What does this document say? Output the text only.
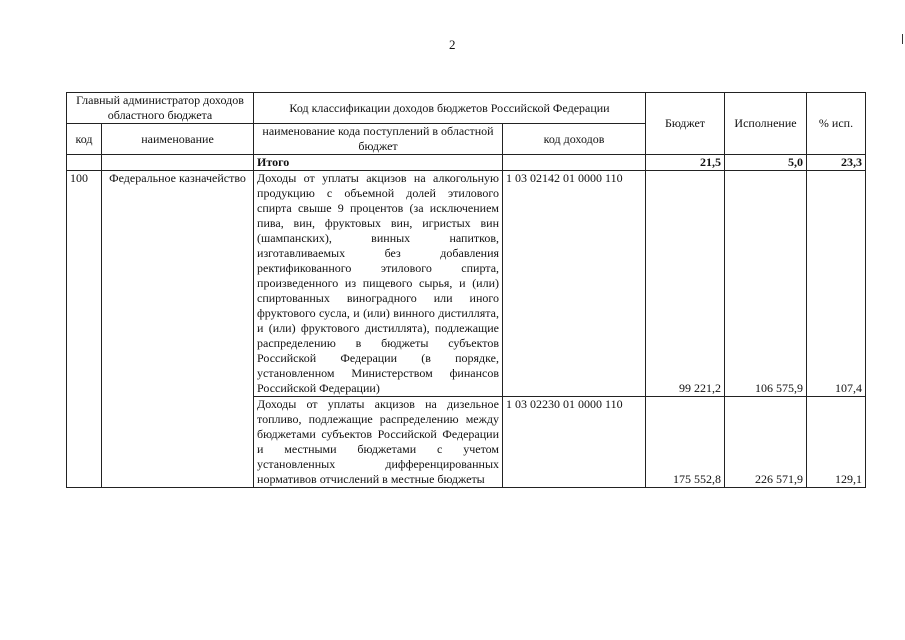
2
Главный администратор доходов областного бюджета		Код классификации доходов бюджетов Российской Федерации		Бюджет	Исполнение	% исп.
код	наименование	наименование кода поступлений в областной бюджет	код доходов			
		Итого		21,5	5,0	23,3
100	Федеральное казначейство	Доходы от уплаты акцизов на алкогольную продукцию с объемной долей этилового спирта свыше 9 процентов (за исключением пива, вин, фруктовых вин, игристых вин (шампанских), винных напитков, изготавливаемых без добавления ректификованного этилового спирта, произведенного из пищевого сырья, и (или) спиртованных виноградного или иного фруктового сусла, и (или) винного дистиллята, и (или) фруктового дистиллята), подлежащие распределению в бюджеты субъектов Российской Федерации (в порядке, установленном Министерством финансов Российской Федерации)	1 03 02142 01 0000 110	99 221,2	106 575,9	107,4
		Доходы от уплаты акцизов на дизельное топливо, подлежащие распределению между бюджетами субъектов Российской Федерации и местными бюджетами с учетом установленных дифференцированных нормативов отчислений в местные бюджеты	1 03 02230 01 0000 110	175 552,8	226 571,9	129,1
